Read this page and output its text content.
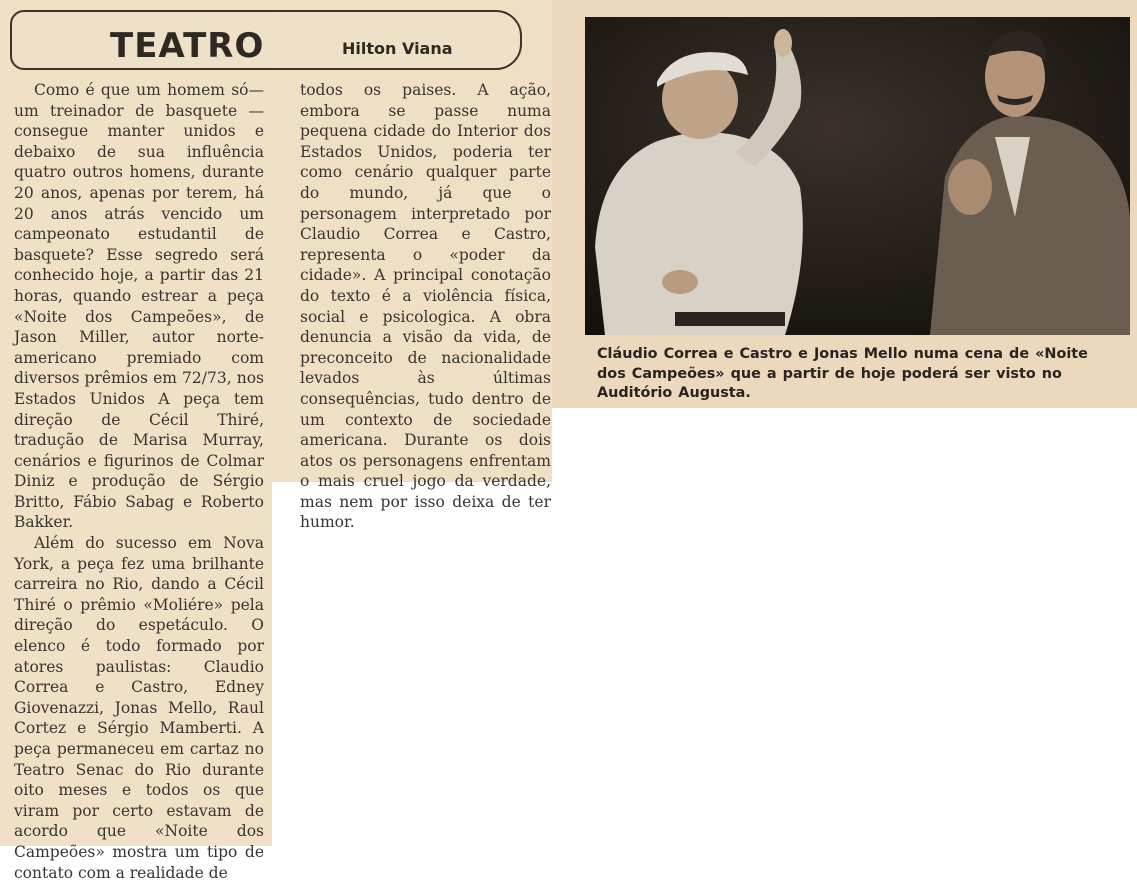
TEATRO	Hilton Viana

Como é que um homem só— um treinador de basquete — consegue manter unidos e debaixo de sua influência quatro outros homens, durante 20 anos, apenas por terem, há 20 anos atrás vencido um campeonato estudantil de basquete? Esse segredo será conhecido hoje, a partir das 21 horas, quando estrear a peça «Noite dos Campeões», de Jason Miller, autor norte-americano premiado com diversos prêmios em 72/73, nos Estados Unidos A peça tem direção de Cécil Thiré, tradução de Marisa Murray, cenários e figurinos de Colmar Diniz e produção de Sérgio Britto, Fábio Sabag e Roberto Bakker.

Além do sucesso em Nova York, a peça fez uma brilhante carreira no Rio, dando a Cécil Thiré o prêmio «Moliére» pela direção do espetáculo. O elenco é todo formado por atores paulistas: Claudio Correa e Castro, Edney Giovenazzi, Jonas Mello, Raul Cortez e Sérgio Mamberti. A peça permaneceu em cartaz no Teatro Senac do Rio durante oito meses e todos os que viram por certo estavam de acordo que «Noite dos Campeões» mostra um tipo de contato com a realidade de

todos os paises. A ação, embora se passe numa pequena cidade do Interior dos Estados Unidos, poderia ter como cenário qualquer parte do mundo, já que o personagem interpretado por Claudio Correa e Castro, representa o «poder da cidade». A principal conotação do texto é a violência física, social e psicologica. A obra denuncia a visão da vida, de preconceito de nacionalidade levados às últimas consequências, tudo dentro de um contexto de sociedade americana. Durante os dois atos os personagens enfrentam o mais cruel jogo da verdade, mas nem por isso deixa de ter humor.

Cláudio Correa e Castro e Jonas Mello numa cena de «Noite dos Campeões» que a partir de hoje poderá ser visto no Auditório Augusta.
